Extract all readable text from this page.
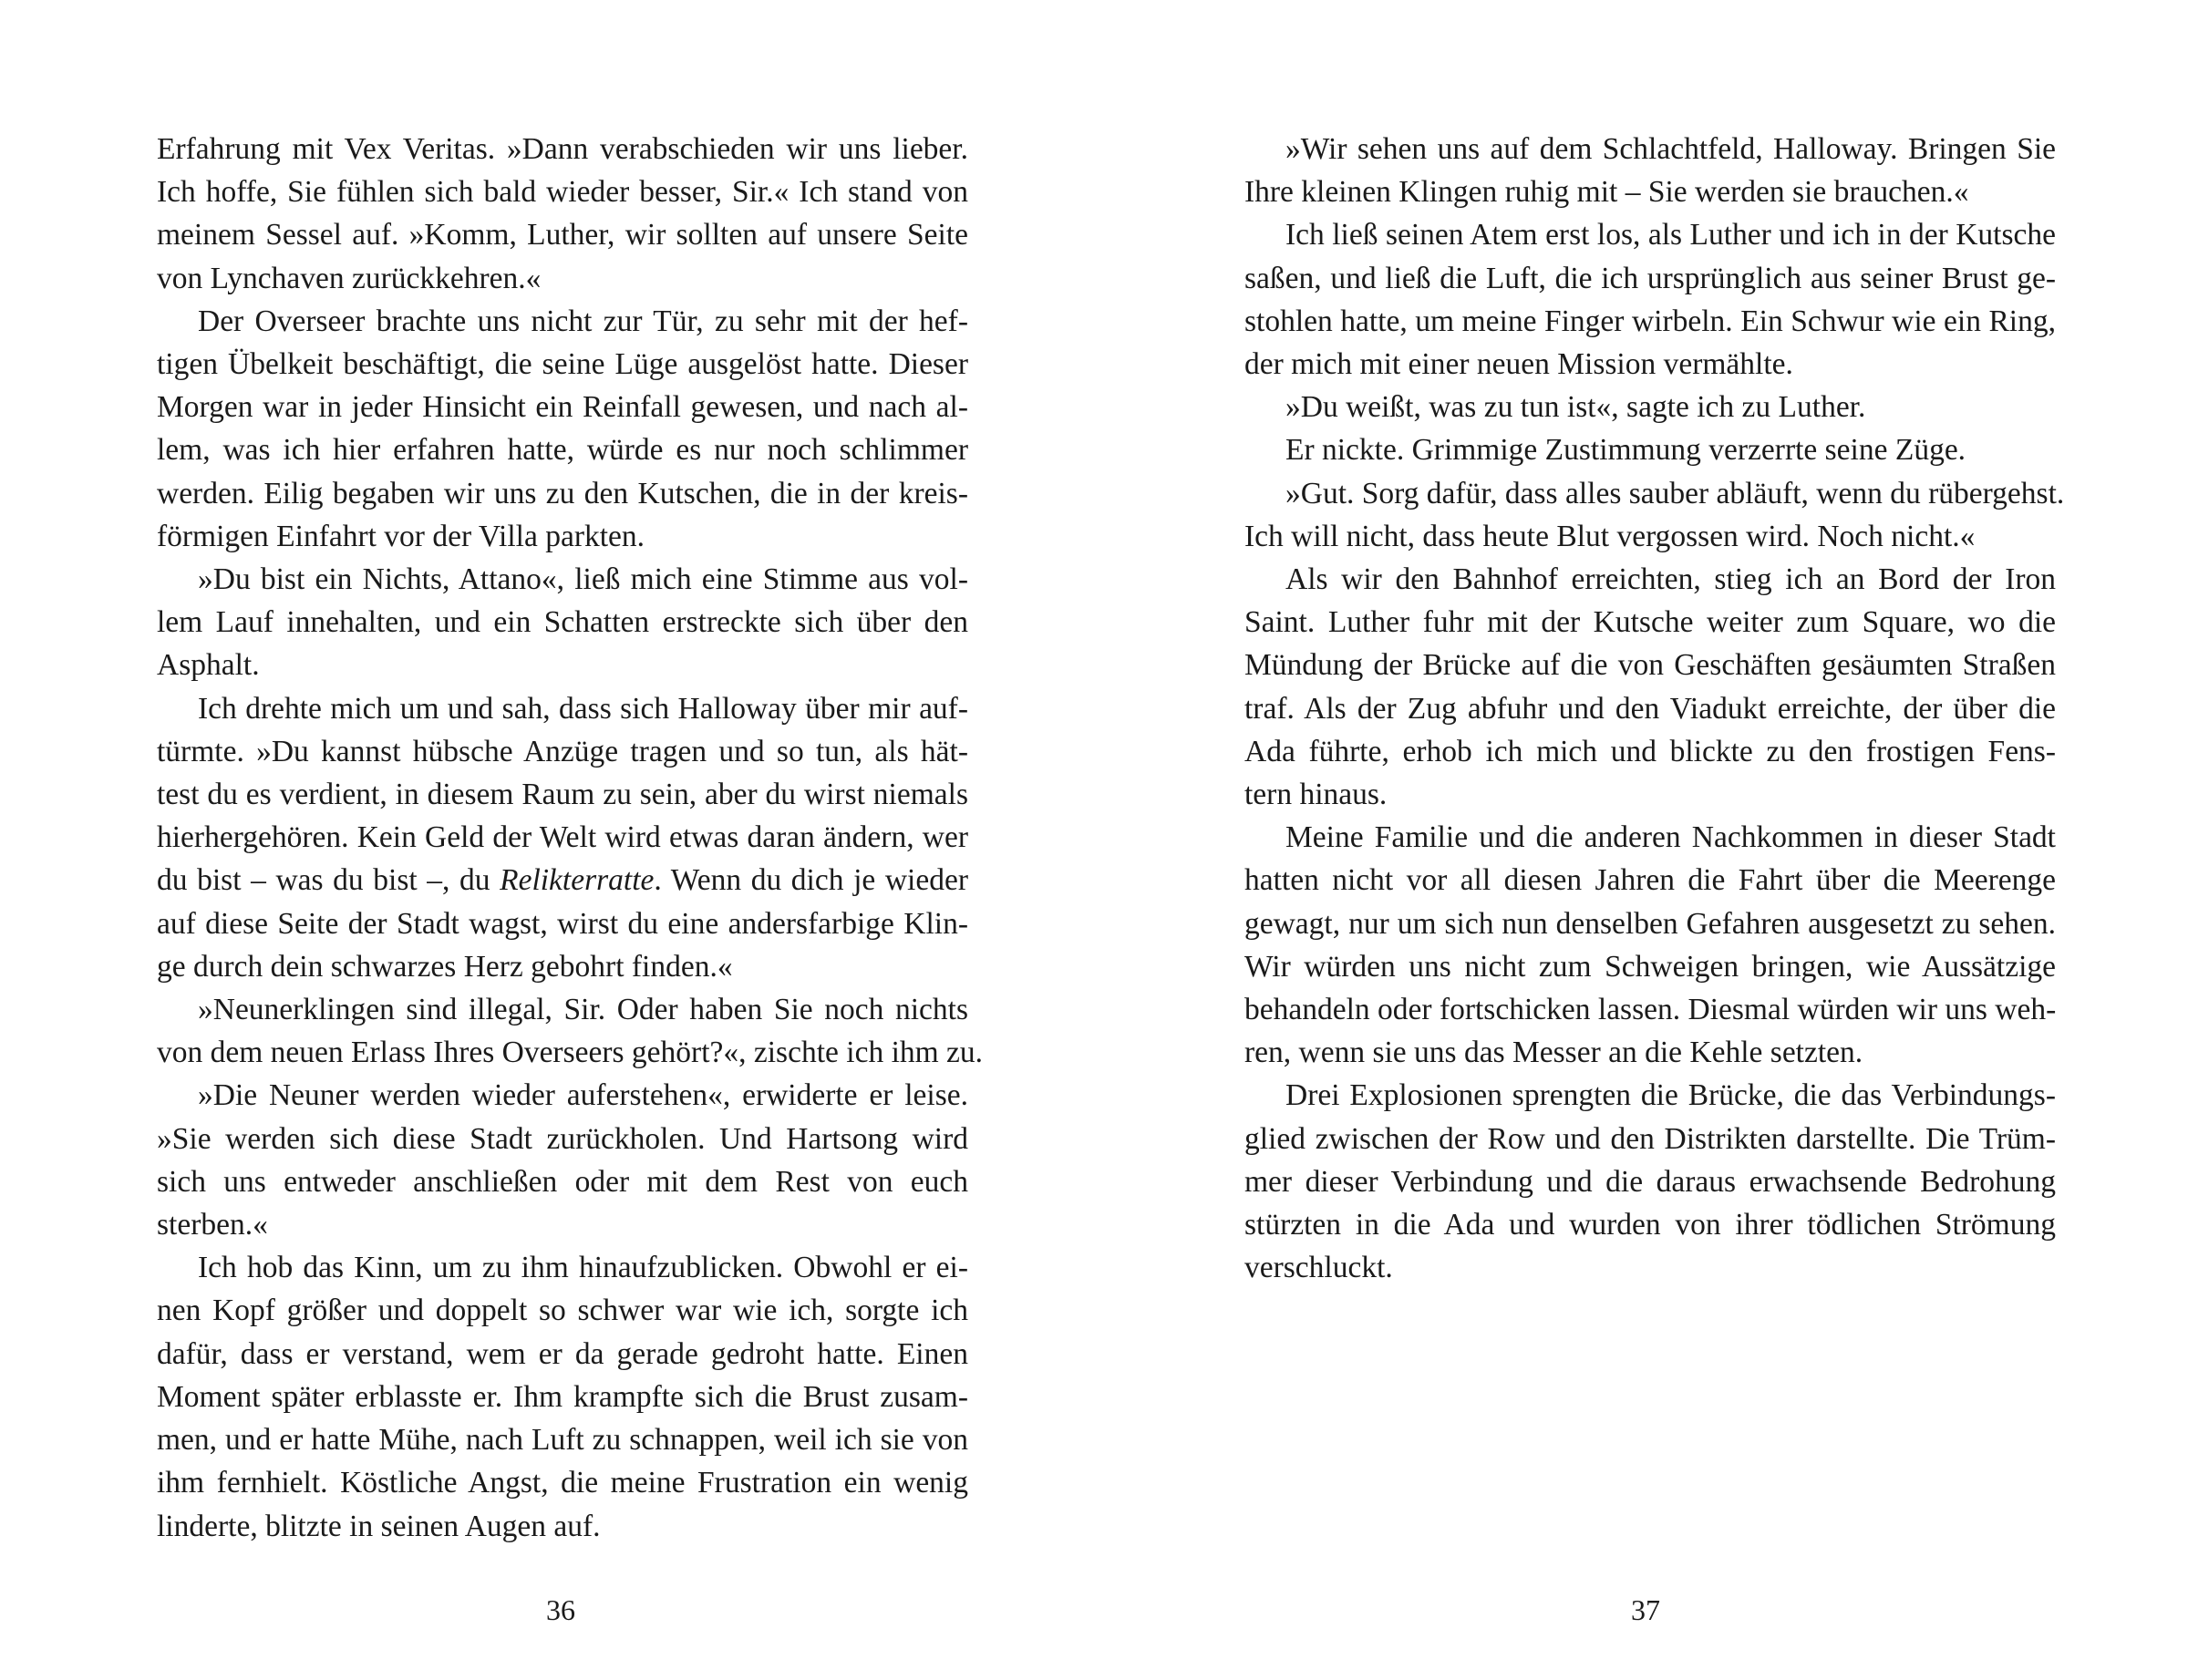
Erfahrung mit Vex Veritas. »Dann verabschieden wir uns lieber.
Ich hoffe, Sie fühlen sich bald wieder besser, Sir.« Ich stand von
meinem Sessel auf. »Komm, Luther, wir sollten auf unsere Seite
von Lynchaven zurückkehren.«

Der Overseer brachte uns nicht zur Tür, zu sehr mit der hef-
tigen Übelkeit beschäftigt, die seine Lüge ausgelöst hatte. Dieser
Morgen war in jeder Hinsicht ein Reinfall gewesen, und nach al-
lem, was ich hier erfahren hatte, würde es nur noch schlimmer
werden. Eilig begaben wir uns zu den Kutschen, die in der kreis-
förmigen Einfahrt vor der Villa parkten.

»Du bist ein Nichts, Attano«, ließ mich eine Stimme aus vol-
lem Lauf innehalten, und ein Schatten erstreckte sich über den
Asphalt.

Ich drehte mich um und sah, dass sich Halloway über mir auf-
türmte. »Du kannst hübsche Anzüge tragen und so tun, als hät-
test du es verdient, in diesem Raum zu sein, aber du wirst niemals
hierhergehören. Kein Geld der Welt wird etwas daran ändern, wer
du bist – was du bist –, du Relikterratte. Wenn du dich je wieder
auf diese Seite der Stadt wagst, wirst du eine andersfarbige Klin-
ge durch dein schwarzes Herz gebohrt finden.«

»Neunerklingen sind illegal, Sir. Oder haben Sie noch nichts
von dem neuen Erlass Ihres Overseers gehört?«, zischte ich ihm zu.

»Die Neuner werden wieder auferstehen«, erwiderte er leise.
»Sie werden sich diese Stadt zurückholen. Und Hartsong wird
sich uns entweder anschließen oder mit dem Rest von euch
sterben.«

Ich hob das Kinn, um zu ihm hinaufzublicken. Obwohl er ei-
nen Kopf größer und doppelt so schwer war wie ich, sorgte ich
dafür, dass er verstand, wem er da gerade gedroht hatte. Einen
Moment später erblasste er. Ihm krampfte sich die Brust zusam-
men, und er hatte Mühe, nach Luft zu schnappen, weil ich sie von
ihm fernhielt. Köstliche Angst, die meine Frustration ein wenig
linderte, blitzte in seinen Augen auf.

36

»Wir sehen uns auf dem Schlachtfeld, Halloway. Bringen Sie
Ihre kleinen Klingen ruhig mit – Sie werden sie brauchen.«

Ich ließ seinen Atem erst los, als Luther und ich in der Kutsche
saßen, und ließ die Luft, die ich ursprünglich aus seiner Brust ge-
stohlen hatte, um meine Finger wirbeln. Ein Schwur wie ein Ring,
der mich mit einer neuen Mission vermählte.

»Du weißt, was zu tun ist«, sagte ich zu Luther.

Er nickte. Grimmige Zustimmung verzerrte seine Züge.

»Gut. Sorg dafür, dass alles sauber abläuft, wenn du rübergehst.
Ich will nicht, dass heute Blut vergossen wird. Noch nicht.«

Als wir den Bahnhof erreichten, stieg ich an Bord der Iron
Saint. Luther fuhr mit der Kutsche weiter zum Square, wo die
Mündung der Brücke auf die von Geschäften gesäumten Straßen
traf. Als der Zug abfuhr und den Viadukt erreichte, der über die
Ada führte, erhob ich mich und blickte zu den frostigen Fens-
tern hinaus.

Meine Familie und die anderen Nachkommen in dieser Stadt
hatten nicht vor all diesen Jahren die Fahrt über die Meerenge
gewagt, nur um sich nun denselben Gefahren ausgesetzt zu sehen.
Wir würden uns nicht zum Schweigen bringen, wie Aussätzige
behandeln oder fortschicken lassen. Diesmal würden wir uns weh-
ren, wenn sie uns das Messer an die Kehle setzten.

Drei Explosionen sprengten die Brücke, die das Verbindungs-
glied zwischen der Row und den Distrikten darstellte. Die Trüm-
mer dieser Verbindung und die daraus erwachsende Bedrohung
stürzten in die Ada und wurden von ihrer tödlichen Strömung
verschluckt.

37
